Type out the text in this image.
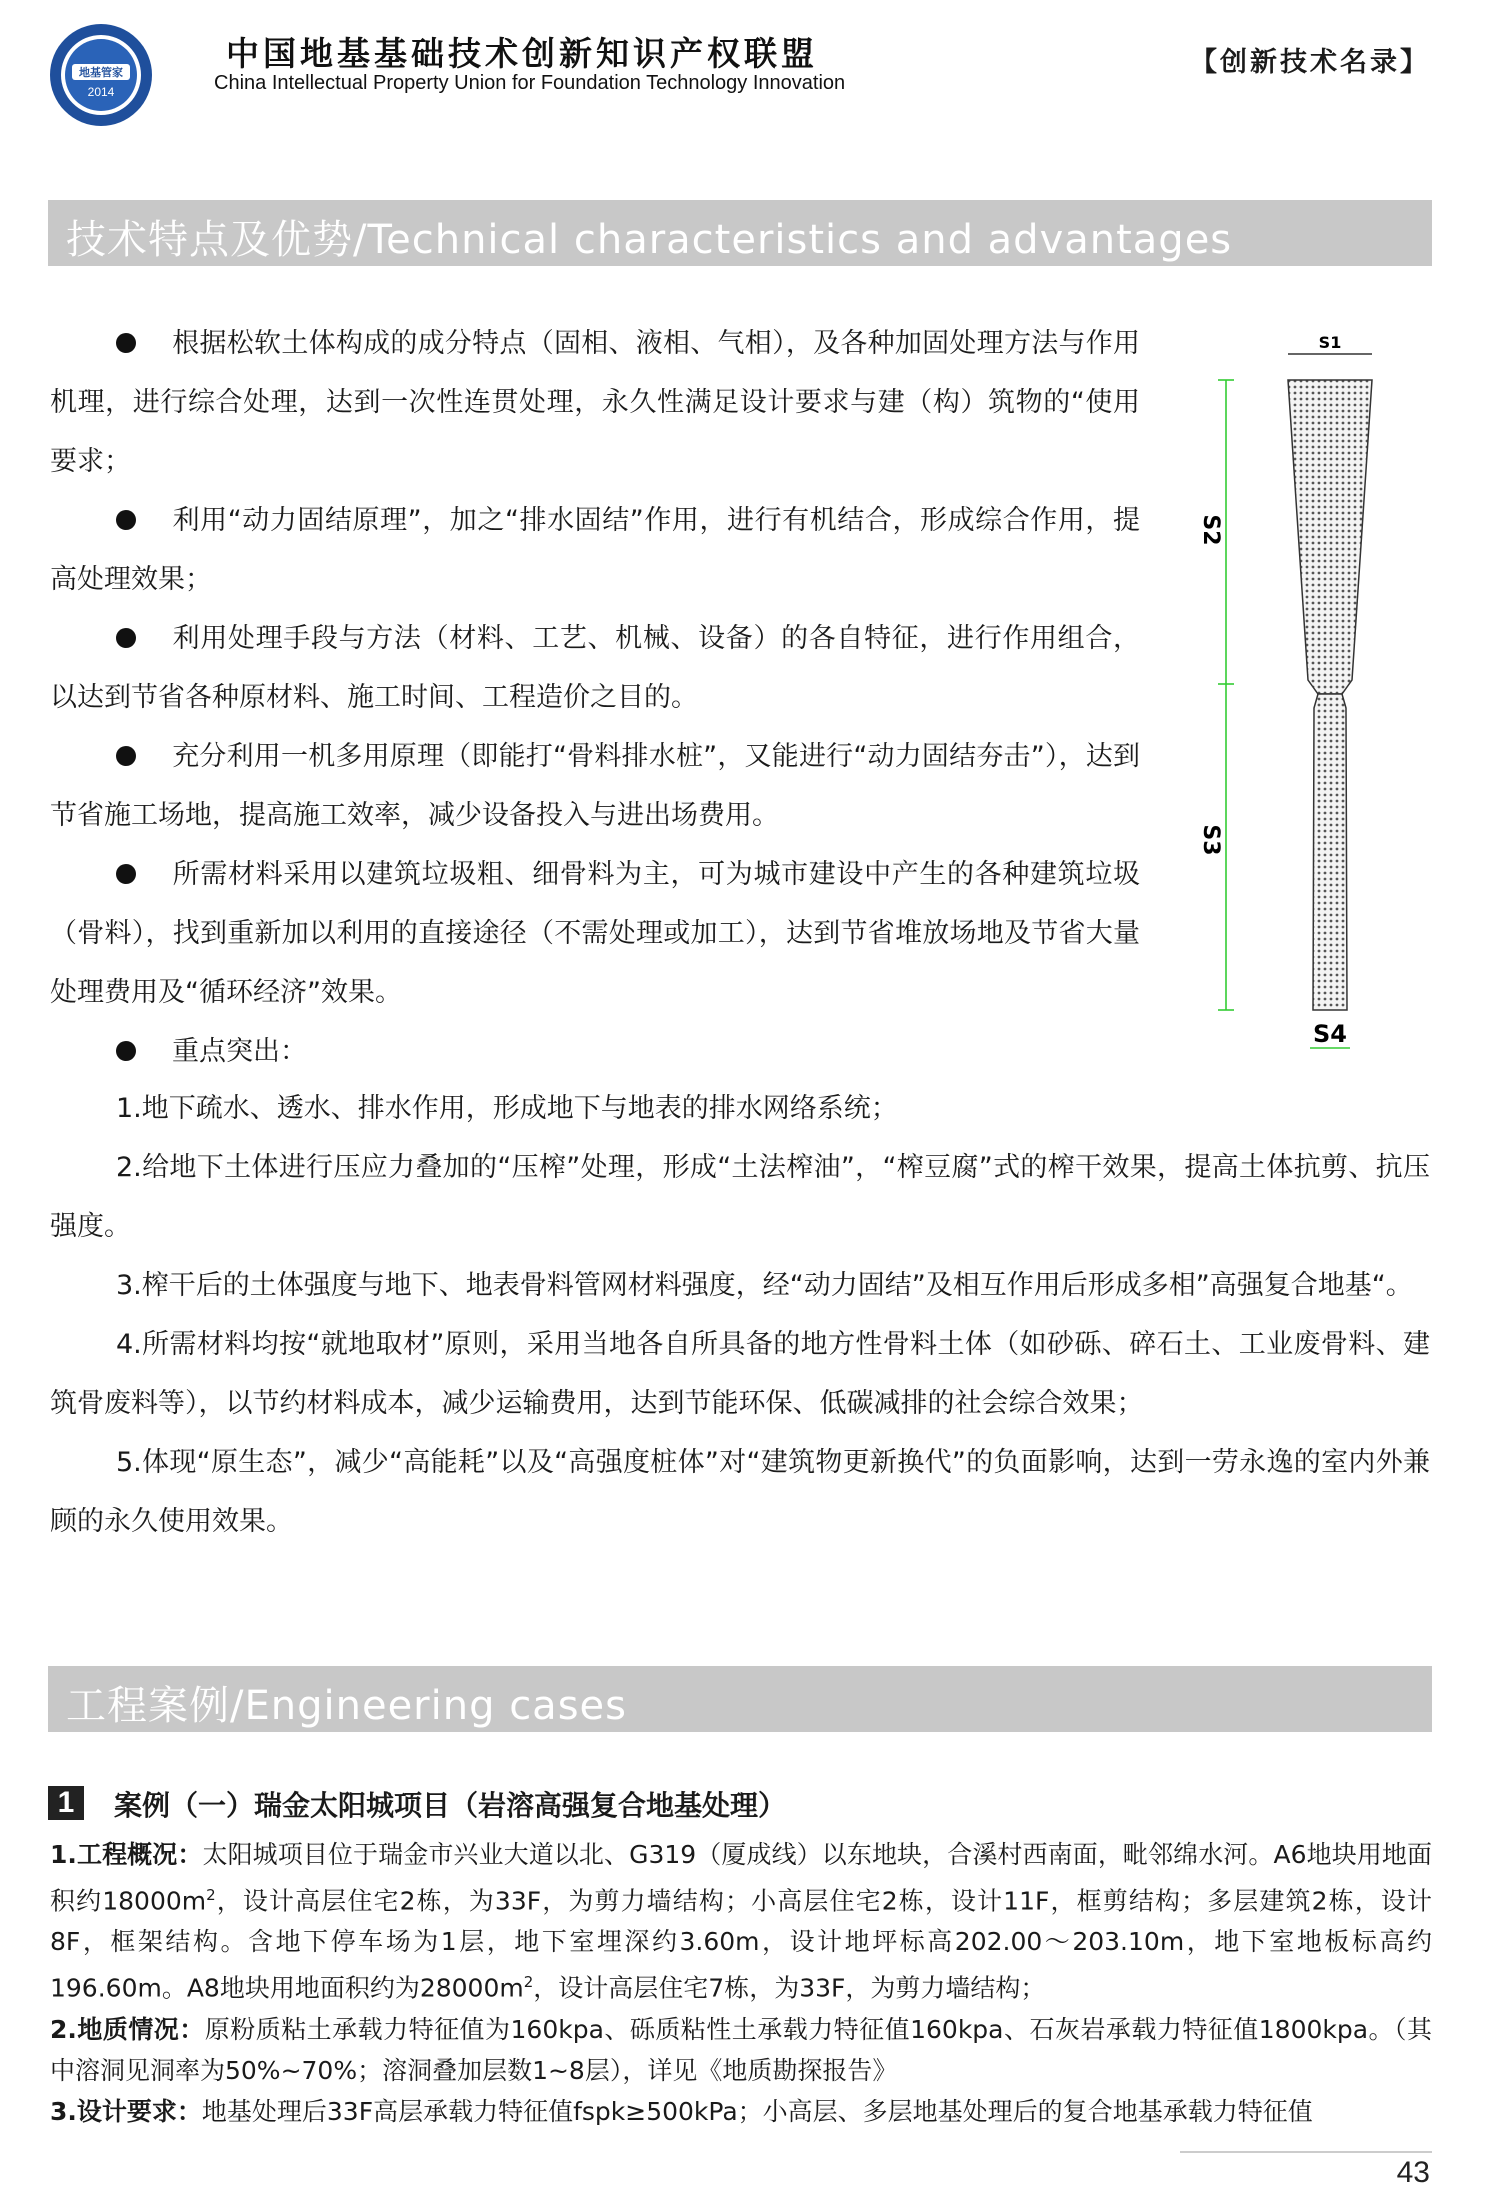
地基管家
2014
中国地基基础技术创新知识产权联盟
China Intellectual Property Union for Foundation Technology Innovation
【创新技术名录】
技术特点及优势/Technical characteristics and advantages
根据松软土体构成的成分特点（固相、液相、气相），及各种加固处理方法与作用机理，进行综合处理，达到一次性连贯处理，永久性满足设计要求与建（构）筑物的“使用要求；
利用“动力固结原理”，加之“排水固结”作用，进行有机结合，形成综合作用，提高处理效果；
利用处理手段与方法（材料、工艺、机械、设备）的各自特征，进行作用组合，以达到节省各种原材料、施工时间、工程造价之目的。
充分利用一机多用原理（即能打“骨料排水桩”，又能进行“动力固结夯击”），达到节省施工场地，提高施工效率，减少设备投入与进出场费用。
所需材料采用以建筑垃圾粗、细骨料为主，可为城市建设中产生的各种建筑垃圾（骨料），找到重新加以利用的直接途径（不需处理或加工），达到节省堆放场地及节省大量处理费用及“循环经济”效果。
重点突出：
1.地下疏水、透水、排水作用，形成地下与地表的排水网络系统；
2.给地下土体进行压应力叠加的“压榨”处理，形成“土法榨油”，“榨豆腐”式的榨干效果，提高土体抗剪、抗压强度。
3.榨干后的土体强度与地下、地表骨料管网材料强度，经“动力固结”及相互作用后形成多相”高强复合地基“。
4.所需材料均按“就地取材”原则，采用当地各自所具备的地方性骨料土体（如砂砾、碎石土、工业废骨料、建筑骨废料等），以节约材料成本，减少运输费用，达到节能环保、低碳减排的社会综合效果；
5.体现“原生态”，减少“高能耗”以及“高强度桩体”对“建筑物更新换代”的负面影响，达到一劳永逸的室内外兼顾的永久使用效果。
S1
S2
S3
S4
工程案例/Engineering cases
1	案例（一）瑞金太阳城项目（岩溶高强复合地基处理）
1.工程概况：太阳城项目位于瑞金市兴业大道以北、G319（厦成线）以东地块，合溪村西南面，毗邻绵水河。A6地块用地面积约$18000m^2$，设计高层住宅2栋，为33F，为剪力墙结构；小高层住宅2栋，设计11F，框剪结构；多层建筑2栋，设计8F，框架结构。含地下停车场为1层，地下室埋深约3.60m，设计地坪标高202.00～203.10m，地下室地板标高约196.60m。A8地块用地面积约为$28000m^2$，设计高层住宅7栋，为33F，为剪力墙结构；
2.地质情况：原粉质粘土承载力特征值为160kpa、砾质粘性土承载力特征值160kpa、石灰岩承载力特征值1800kpa。（其中溶洞见洞率为50%~70%；溶洞叠加层数1~8层），详见《地质勘探报告》
3.设计要求：地基处理后33F高层承载力特征值fspk≥500kPa；小高层、多层地基处理后的复合地基承载力特征值
43
